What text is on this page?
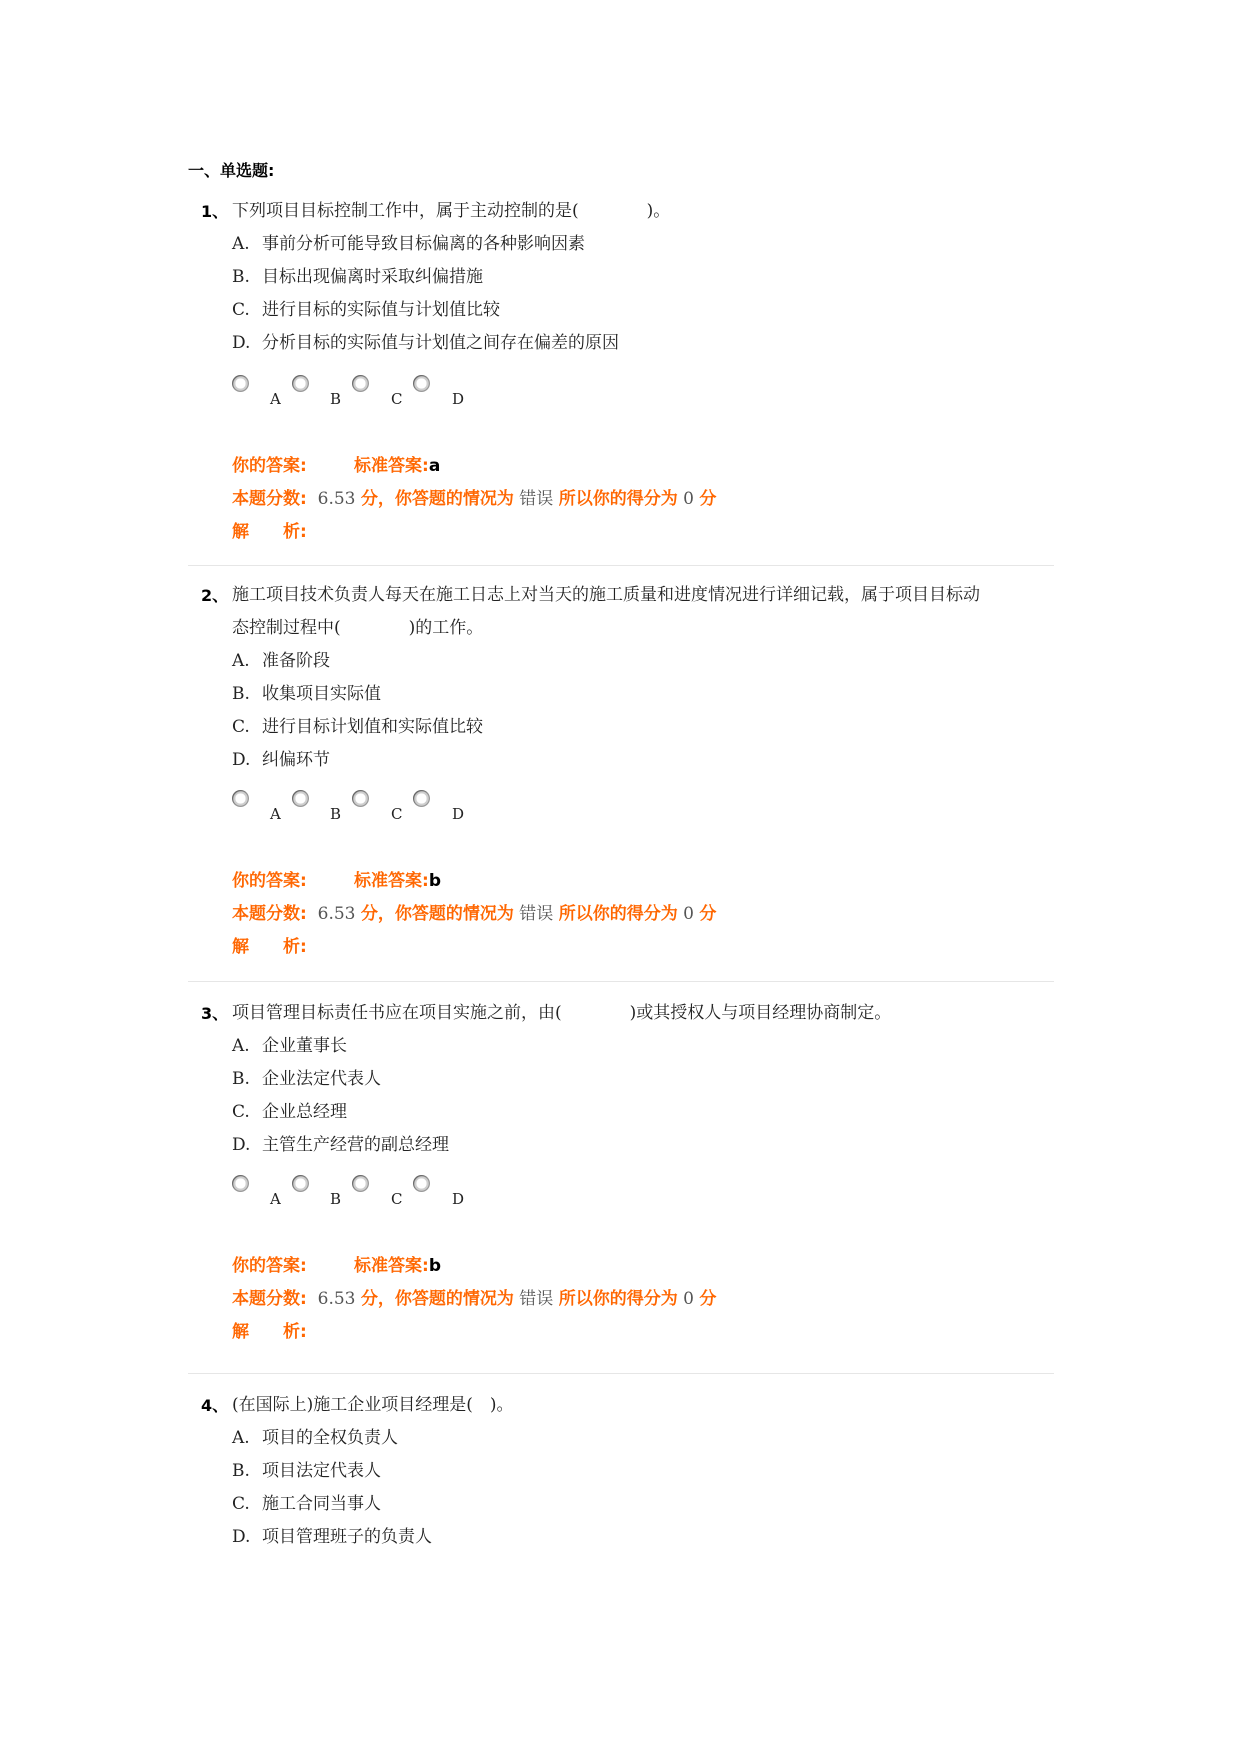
一、单选题:
1、 下列项目目标控制工作中，属于主动控制的是(　　　　)。
A. 事前分析可能导致目标偏离的各种影响因素
B. 目标出现偏离时采取纠偏措施
C. 进行目标的实际值与计划值比较
D. 分析目标的实际值与计划值之间存在偏差的原因
A	B	C	D
你的答案:	标准答案:a
本题分数: 6.53 分，你答题的情况为 错误 所以你的得分为 0 分
解　　析:
2、 施工项目技术负责人每天在施工日志上对当天的施工质量和进度情况进行详细记载，属于项目目标动
态控制过程中(　　　　)的工作。
A. 准备阶段
B. 收集项目实际值
C. 进行目标计划值和实际值比较
D. 纠偏环节
A	B	C	D
你的答案:	标准答案:b
本题分数: 6.53 分，你答题的情况为 错误 所以你的得分为 0 分
解　　析:
3、 项目管理目标责任书应在项目实施之前，由(　　　　)或其授权人与项目经理协商制定。
A. 企业董事长
B. 企业法定代表人
C. 企业总经理
D. 主管生产经营的副总经理
A	B	C	D
你的答案:	标准答案:b
本题分数: 6.53 分，你答题的情况为 错误 所以你的得分为 0 分
解　　析:
4、 (在国际上)施工企业项目经理是(　)。
A. 项目的全权负责人
B. 项目法定代表人
C. 施工合同当事人
D. 项目管理班子的负责人
